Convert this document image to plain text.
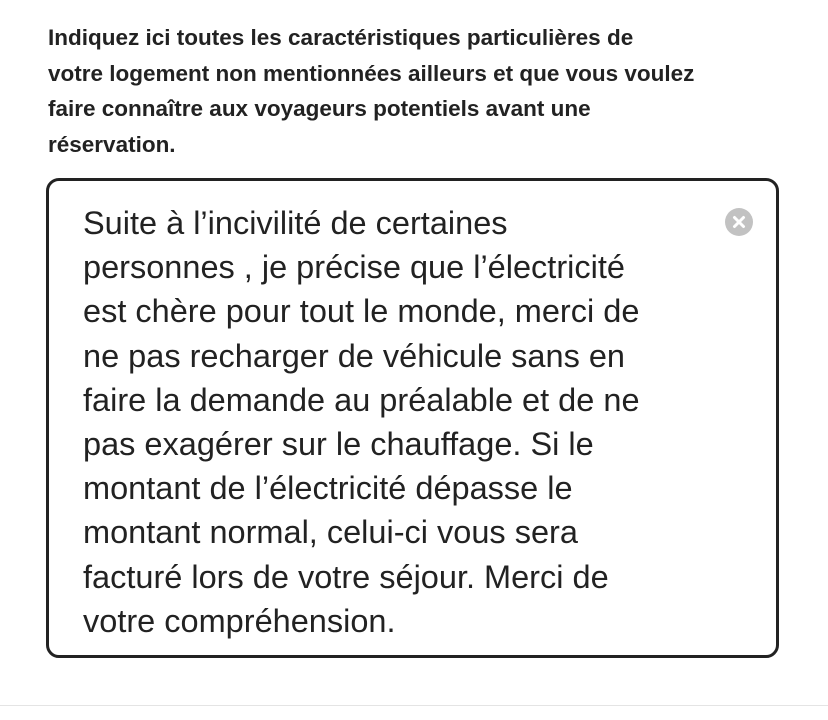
Indiquez ici toutes les caractéristiques particulières de
votre logement non mentionnées ailleurs et que vous voulez
faire connaître aux voyageurs potentiels avant une
réservation.

Suite à l’incivilité de certaines
personnes , je précise que l’électricité
est chère pour tout le monde, merci de
ne pas recharger de véhicule sans en
faire la demande au préalable et de ne
pas exagérer sur le chauffage. Si le
montant de l’électricité dépasse le
montant normal, celui-ci vous sera
facturé lors de votre séjour. Merci de
votre compréhension.
